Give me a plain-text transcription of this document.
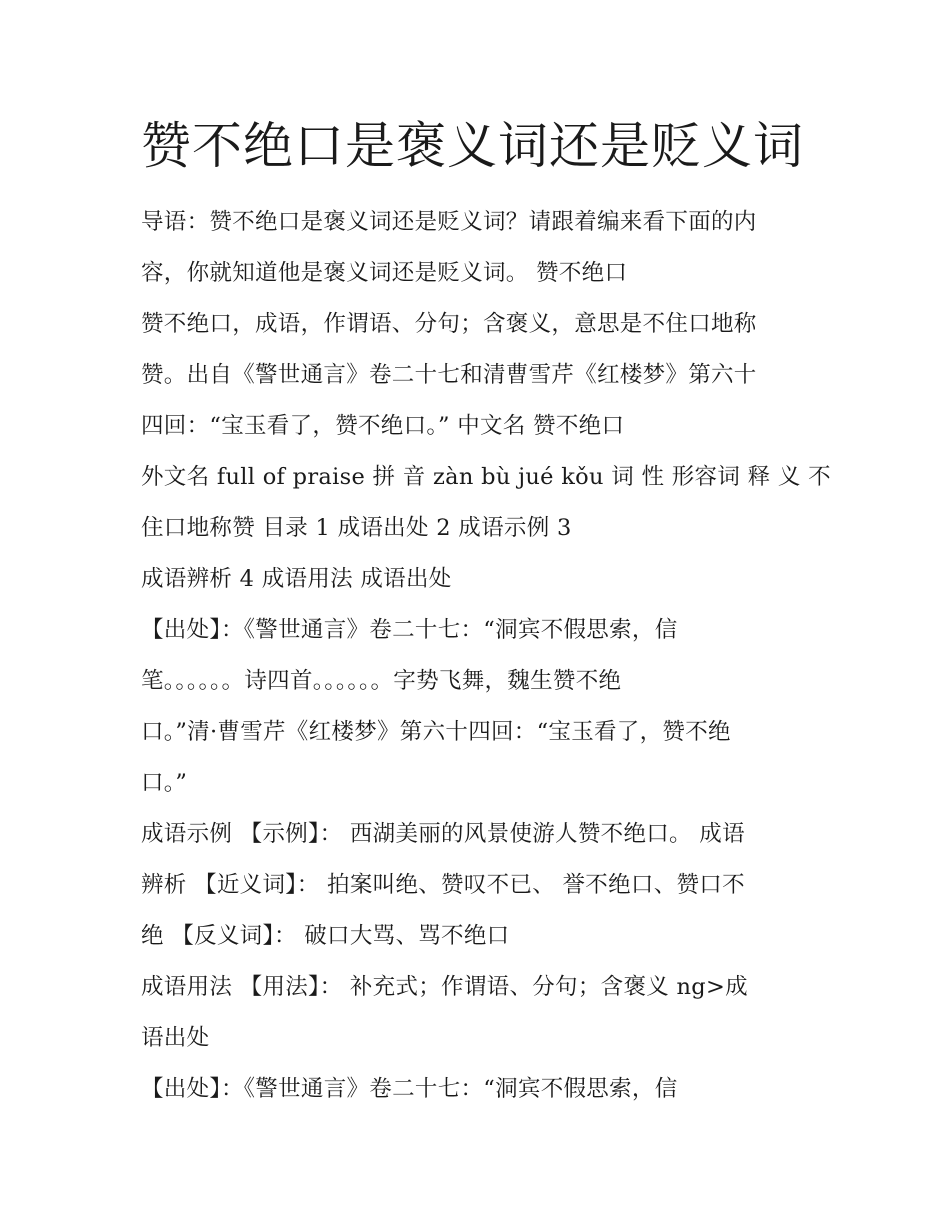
赞不绝口是褒义词还是贬义词
导语：赞不绝口是褒义词还是贬义词？请跟着编来看下面的内
容，你就知道他是褒义词还是贬义词。 赞不绝口
赞不绝口，成语，作谓语、分句；含褒义，意思是不住口地称
赞。出自《警世通言》卷二十七和清曹雪芹《红楼梦》第六十
四回：“宝玉看了，赞不绝口。” 中文名 赞不绝口
外文名 full of praise 拼 音 zàn bù jué kǒu 词 性 形容词 释 义 不
住口地称赞 目录 1 成语出处 2 成语示例 3
成语辨析 4 成语用法 成语出处
【出处】：《警世通言》卷二十七：“洞宾不假思索，信
笔。。。。。。诗四首。。。。。。字势飞舞，魏生赞不绝
口。”清·曹雪芹《红楼梦》第六十四回：“宝玉看了，赞不绝
口。”
成语示例 【示例】： 西湖美丽的风景使游人赞不绝口。 成语
辨析 【近义词】： 拍案叫绝、赞叹不已、 誉不绝口、赞口不
绝 【反义词】： 破口大骂、骂不绝口
成语用法 【用法】： 补充式；作谓语、分句；含褒义 ng>成
语出处
【出处】：《警世通言》卷二十七：“洞宾不假思索，信
